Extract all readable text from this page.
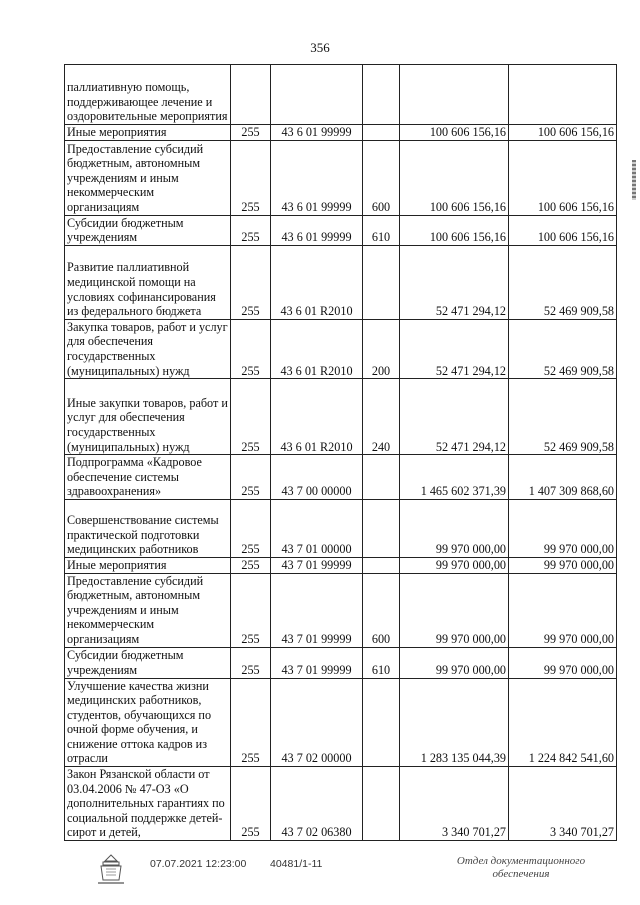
356
паллиативную помощь, поддерживающее лечение и оздоровительные мероприятия					
Иные мероприятия	255	43 6 01 99999		100 606 156,16	100 606 156,16
Предоставление субсидий бюджетным, автономным учреждениям и иным некоммерческим организациям	255	43 6 01 99999	600	100 606 156,16	100 606 156,16
Субсидии бюджетным учреждениям	255	43 6 01 99999	610	100 606 156,16	100 606 156,16
Развитие паллиативной медицинской помощи на условиях софинансирования из федерального бюджета	255	43 6 01 R2010		52 471 294,12	52 469 909,58
Закупка товаров, работ и услуг для обеспечения государственных (муниципальных) нужд	255	43 6 01 R2010	200	52 471 294,12	52 469 909,58
Иные закупки товаров, работ и услуг для обеспечения государственных (муниципальных) нужд	255	43 6 01 R2010	240	52 471 294,12	52 469 909,58
Подпрограмма «Кадровое обеспечение системы здравоохранения»	255	43 7 00 00000		1 465 602 371,39	1 407 309 868,60
Совершенствование системы практической подготовки медицинских работников	255	43 7 01 00000		99 970 000,00	99 970 000,00
Иные мероприятия	255	43 7 01 99999		99 970 000,00	99 970 000,00
Предоставление субсидий бюджетным, автономным учреждениям и иным некоммерческим организациям	255	43 7 01 99999	600	99 970 000,00	99 970 000,00
Субсидии бюджетным учреждениям	255	43 7 01 99999	610	99 970 000,00	99 970 000,00
Улучшение качества жизни медицинских работников, студентов, обучающихся по очной форме обучения, и снижение оттока кадров из отрасли	255	43 7 02 00000		1 283 135 044,39	1 224 842 541,60
Закон Рязанской области от 03.04.2006 № 47-ОЗ «О дополнительных гарантиях по социальной поддержке детей-сирот и детей,	255	43 7 02 06380		3 340 701,27	3 340 701,27
07.07.2021 12:23:00 40481/1-11	Отдел документационного
обеспечения
